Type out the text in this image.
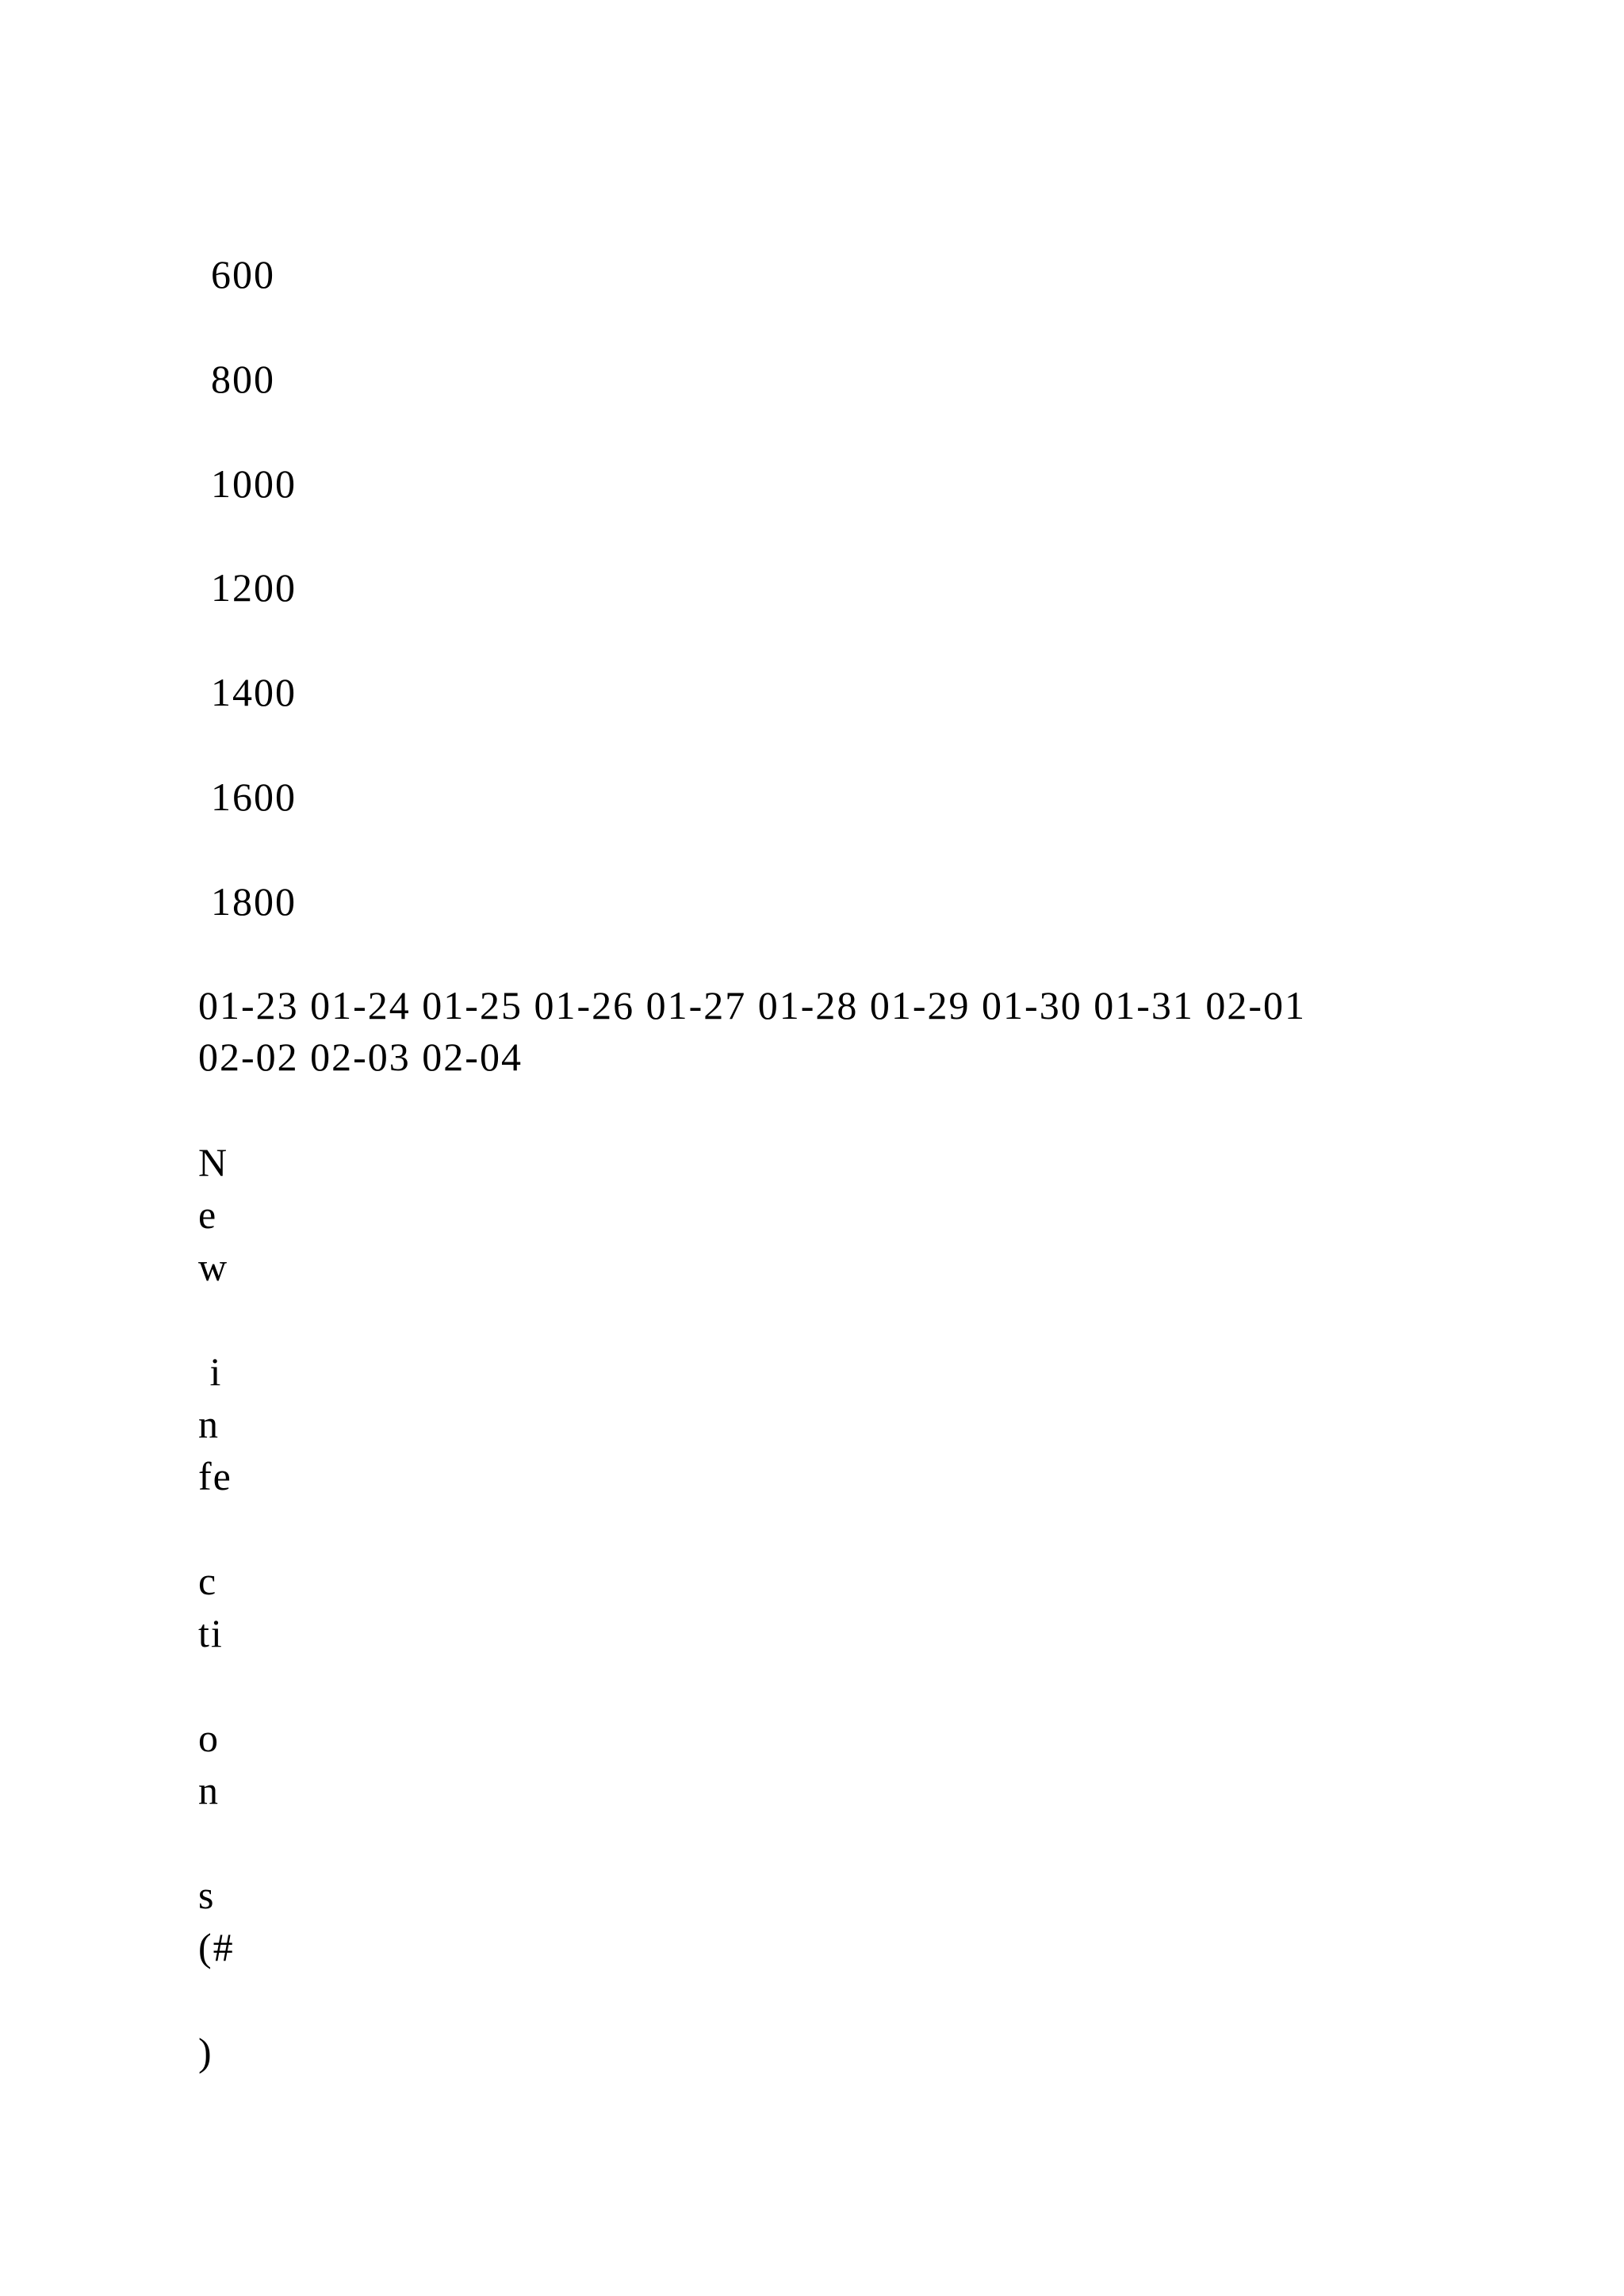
600
800
1000
1200
1400
1600
1800
01-23 01-24 01-25 01-26 01-27 01-28 01-29 01-30 01-31 02-01
02-02 02-03 02-04
N
e
w
i
n
fe
c
ti
o
n
s
(#
)
